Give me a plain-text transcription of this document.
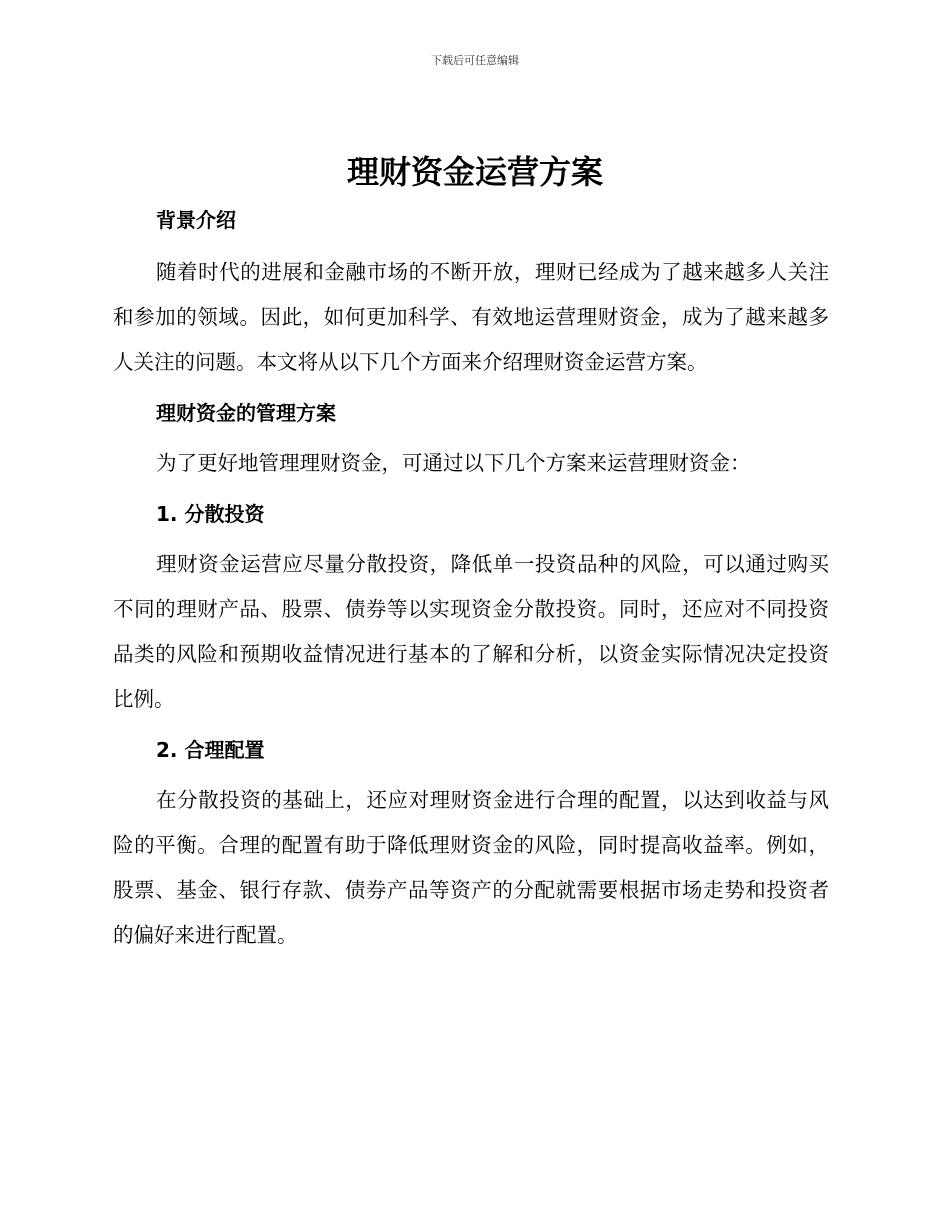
下载后可任意编辑
理财资金运营方案
背景介绍

随着时代的进展和金融市场的不断开放，理财已经成为了越来越多人关注和参加的领域。因此，如何更加科学、有效地运营理财资金，成为了越来越多人关注的问题。本文将从以下几个方面来介绍理财资金运营方案。

理财资金的管理方案

为了更好地管理理财资金，可通过以下几个方案来运营理财资金：

1. 分散投资

理财资金运营应尽量分散投资，降低单一投资品种的风险，可以通过购买不同的理财产品、股票、债券等以实现资金分散投资。同时，还应对不同投资品类的风险和预期收益情况进行基本的了解和分析，以资金实际情况决定投资比例。

2. 合理配置

在分散投资的基础上，还应对理财资金进行合理的配置，以达到收益与风险的平衡。合理的配置有助于降低理财资金的风险，同时提高收益率。例如，股票、基金、银行存款、债券产品等资产的分配就需要根据市场走势和投资者的偏好来进行配置。
